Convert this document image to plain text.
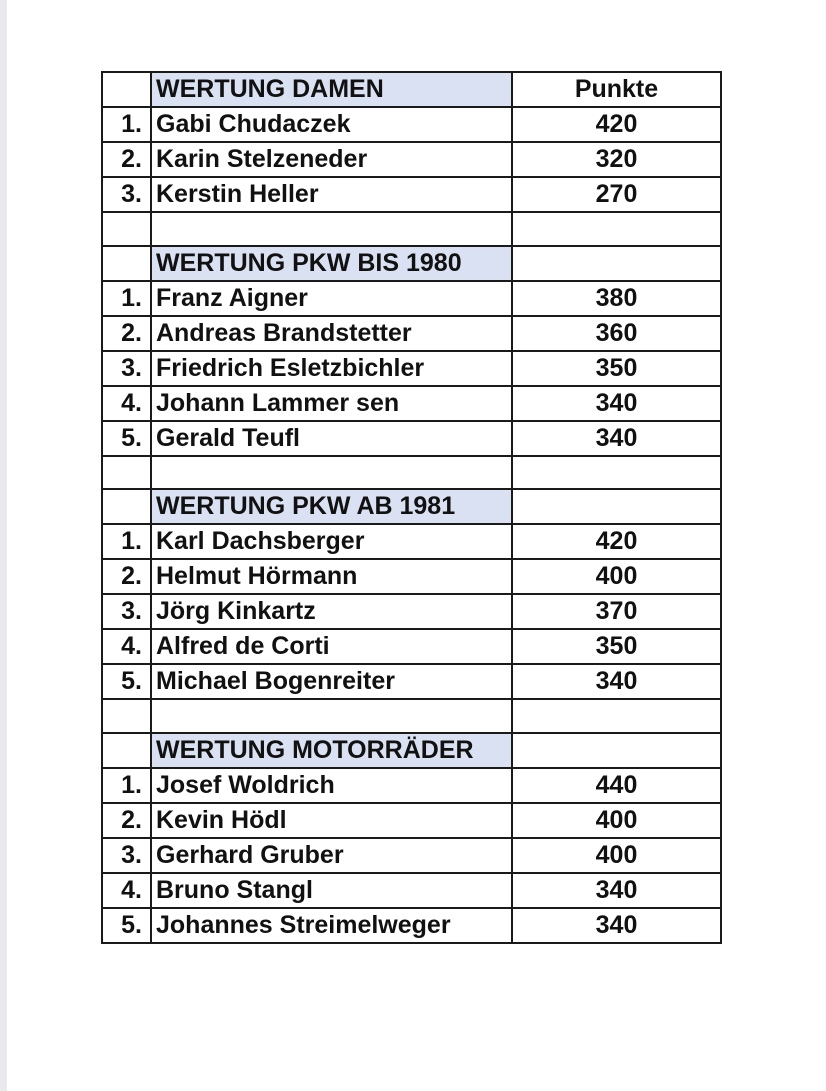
	WERTUNG DAMEN	Punkte
1.	Gabi Chudaczek	420
2.	Karin Stelzeneder	320
3.	Kerstin Heller	270

	WERTUNG PKW BIS 1980	
1.	Franz Aigner	380
2.	Andreas Brandstetter	360
3.	Friedrich Esletzbichler	350
4.	Johann Lammer sen	340
5.	Gerald Teufl	340

	WERTUNG PKW AB 1981	
1.	Karl Dachsberger	420
2.	Helmut Hörmann	400
3.	Jörg Kinkartz	370
4.	Alfred de Corti	350
5.	Michael Bogenreiter	340

	WERTUNG MOTORRÄDER	
1.	Josef Woldrich	440
2.	Kevin Hödl	400
3.	Gerhard Gruber	400
4.	Bruno Stangl	340
5.	Johannes Streimelweger	340
